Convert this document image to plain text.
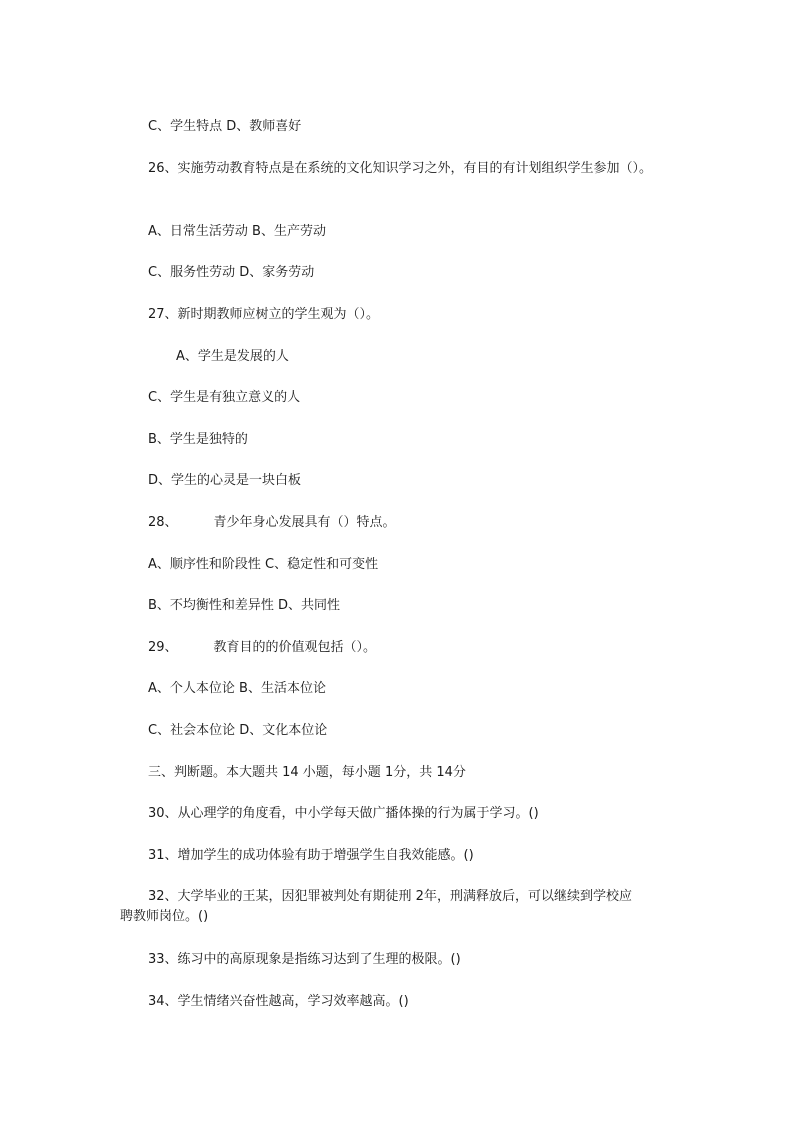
C、学生特点 D、教师喜好
26、实施劳动教育特点是在系统的文化知识学习之外，有目的有计划组织学生参加（）。
A、日常生活劳动 B、生产劳动
C、服务性劳动 D、家务劳动
27、新时期教师应树立的学生观为（）。
A、学生是发展的人
C、学生是有独立意义的人
B、学生是独特的
D、学生的心灵是一块白板
28、	青少年身心发展具有（）特点。
A、顺序性和阶段性 C、稳定性和可变性
B、不均衡性和差异性 D、共同性
29、	教育目的的价值观包括（）。
A、个人本位论 B、生活本位论
C、社会本位论 D、文化本位论
三、判断题。本大题共 14 小题，每小题 1分，共 14分
30、从心理学的角度看，中小学每天做广播体操的行为属于学习。()
31、增加学生的成功体验有助于增强学生自我效能感。()
32、大学毕业的王某，因犯罪被判处有期徒刑 2年，刑满释放后，可以继续到学校应
聘教师岗位。()
33、练习中的高原现象是指练习达到了生理的极限。()
34、学生情绪兴奋性越高，学习效率越高。()
